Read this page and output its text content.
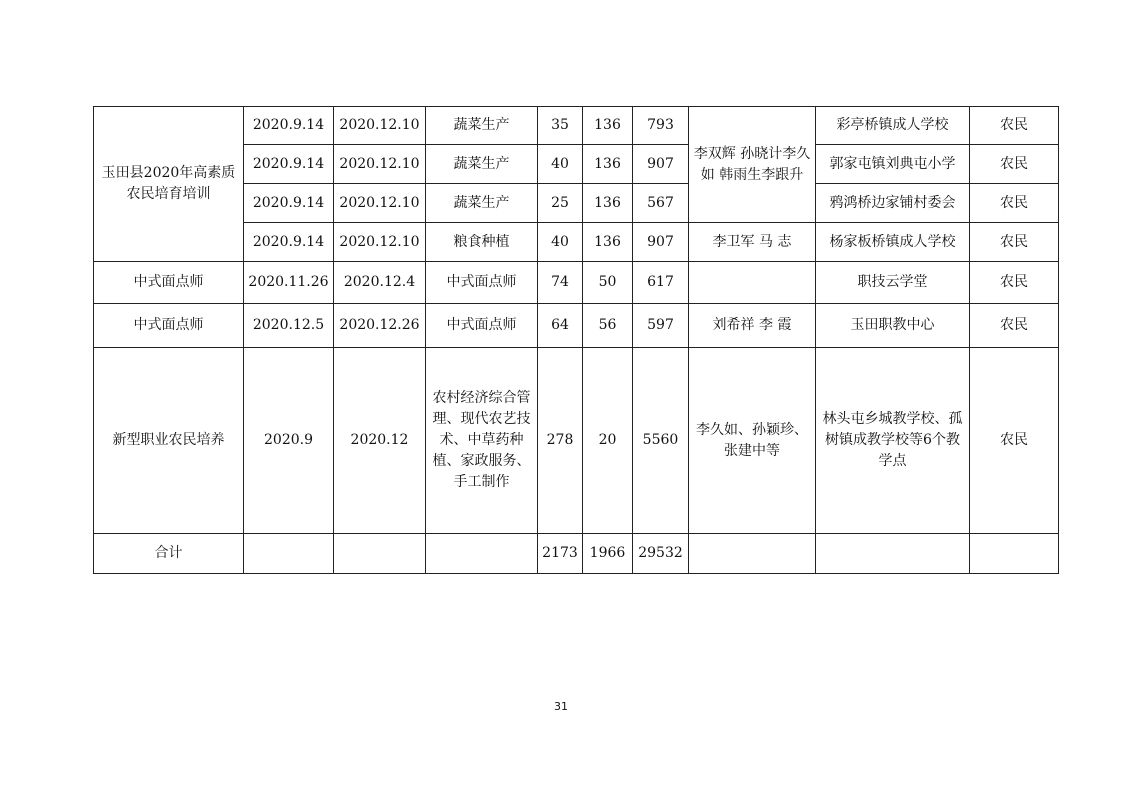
玉田县2020年高素质农民培育培训	2020.9.14	2020.12.10	蔬菜生产	35	136	793	李双辉 孙晓计李久如 韩雨生李跟升	彩亭桥镇成人学校	农民
	2020.9.14	2020.12.10	蔬菜生产	40	136	907		郭家屯镇刘典屯小学	农民
	2020.9.14	2020.12.10	蔬菜生产	25	136	567		鸦鸿桥边家铺村委会	农民
	2020.9.14	2020.12.10	粮食种植	40	136	907	李卫军 马 志	杨家板桥镇成人学校	农民
中式面点师	2020.11.26	2020.12.4	中式面点师	74	50	617		职技云学堂	农民
中式面点师	2020.12.5	2020.12.26	中式面点师	64	56	597	刘希祥 李 霞	玉田职教中心	农民
新型职业农民培养	2020.9	2020.12	农村经济综合管理、现代农艺技术、中草药种植、家政服务、手工制作	278	20	5560	李久如、孙颖珍、张建中等	林头屯乡城教学校、孤树镇成教学校等6个教学点	农民
合计				2173	1966	29532			
31
